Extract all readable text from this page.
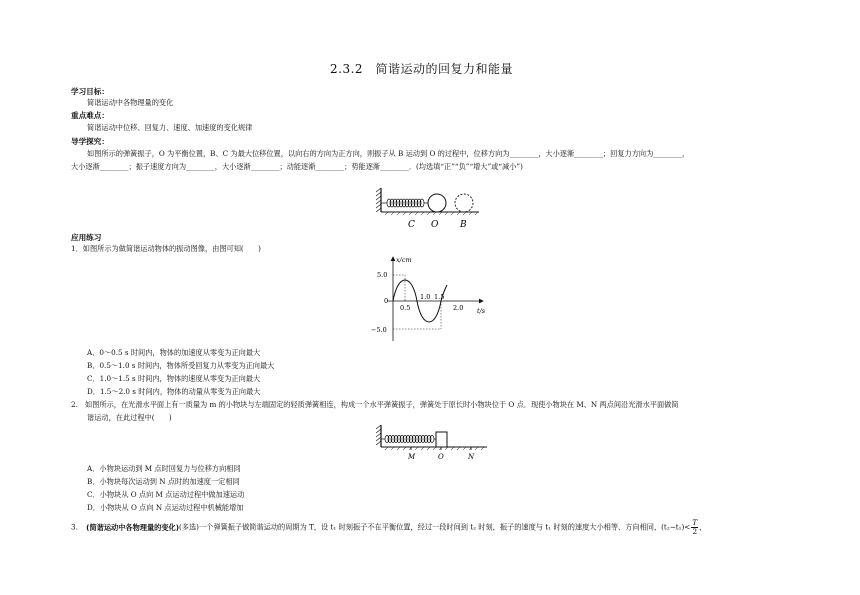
2.3.2　简谐运动的回复力和能量
学习目标：
简谐运动中各物理量的变化
重点难点：
简谐运动中位移、回复力、速度、加速度的变化规律
导学探究：
如图所示的弹簧振子，O 为平衡位置，B、C 为最大位移位置，以向右的方向为正方向，则振子从 B 运动到 O 的过程中，位移方向为________，大小逐渐________；回复力方向为________，
大小逐渐________；振子速度方向为________，大小逐渐________；动能逐渐________；势能逐渐________．(均选填“正”“负”“增大”或“减小”)
C O B
应用练习
1．如图所示为做简谐运动物体的振动图像，由图可知(　　)
x/cm
t/s
5.0
0
−5.0
0.5
1.0 1.5
2.0
A．0～0.5 s 时间内，物体的加速度从零变为正向最大
B．0.5～1.0 s 时间内，物体所受回复力从零变为正向最大
C．1.0～1.5 s 时间内，物体的速度从零变为正向最大
D．1.5～2.0 s 时间内，物体的动量从零变为正向最大
2.　如图所示，在光滑水平面上有一质量为 m 的小物块与左端固定的轻质弹簧相连，构成一个水平弹簧振子，弹簧处于原长时小物块位于 O 点．现使小物块在 M、N 两点间沿光滑水平面做简
谐运动，在此过程中(　　)
M	O	N
A．小物块运动到 M 点时回复力与位移方向相同
B．小物块每次运动到 N 点时的加速度一定相同
C．小物块从 O 点向 M 点运动过程中做加速运动
D．小物块从 O 点向 N 点运动过程中机械能增加
3. (简谐运动中各物理量的变化)(多选)一个弹簧振子做简谐运动的周期为 T，设 t₁ 时刻振子不在平衡位置，经过一段时间到 t₂ 时刻，振子的速度与 t₁ 时刻的速度大小相等、方向相同，$(t_2-t_1)< \frac{T}{2}$ ，
